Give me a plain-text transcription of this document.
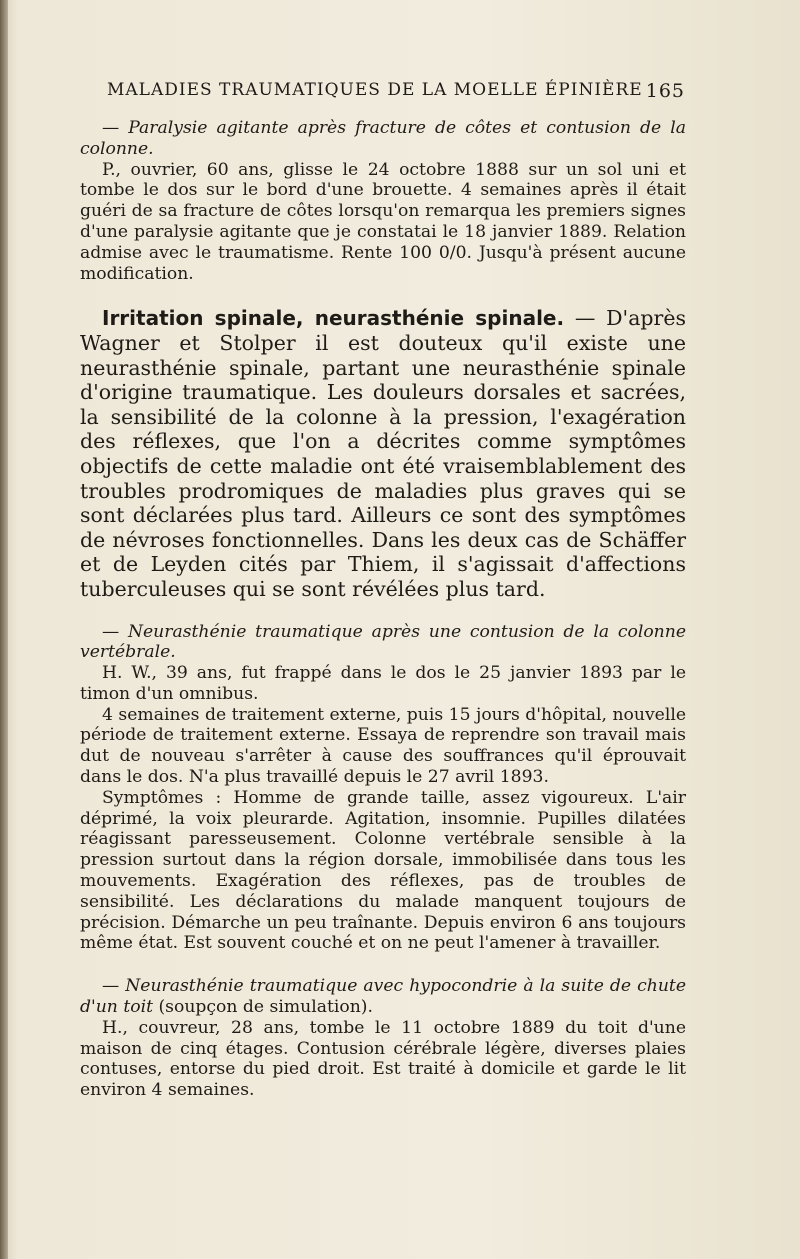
MALADIES TRAUMATIQUES DE LA MOELLE ÉPINIÈRE 165

— Paralysie agitante après fracture de côtes et contusion de la colonne.

P., ouvrier, 60 ans, glisse le 24 octobre 1888 sur un sol uni et tombe le dos sur le bord d'une brouette. 4 semaines après il était guéri de sa fracture de côtes lorsqu'on remarqua les premiers signes d'une paralysie agitante que je constatai le 18 janvier 1889. Relation admise avec le traumatisme. Rente 100 0/0. Jusqu'à présent aucune modification.

Irritation spinale, neurasthénie spinale. — D'après Wagner et Stolper il est douteux qu'il existe une neurasthénie spinale, partant une neurasthénie spinale d'origine traumatique. Les douleurs dorsales et sacrées, la sensibilité de la colonne à la pression, l'exagération des réflexes, que l'on a décrites comme symptômes objectifs de cette maladie ont été vraisemblablement des troubles prodromiques de maladies plus graves qui se sont déclarées plus tard. Ailleurs ce sont des symptômes de névroses fonctionnelles. Dans les deux cas de Schäffer et de Leyden cités par Thiem, il s'agissait d'affections tuberculeuses qui se sont révélées plus tard.

— Neurasthénie traumatique après une contusion de la colonne vertébrale.

H. W., 39 ans, fut frappé dans le dos le 25 janvier 1893 par le timon d'un omnibus.

4 semaines de traitement externe, puis 15 jours d'hôpital, nouvelle période de traitement externe. Essaya de reprendre son travail mais dut de nouveau s'arrêter à cause des souffrances qu'il éprouvait dans le dos. N'a plus travaillé depuis le 27 avril 1893.

Symptômes : Homme de grande taille, assez vigoureux. L'air déprimé, la voix pleurarde. Agitation, insomnie. Pupilles dilatées réagissant paresseusement. Colonne vertébrale sensible à la pression surtout dans la région dorsale, immobilisée dans tous les mouvements. Exagération des réflexes, pas de troubles de sensibilité. Les déclarations du malade manquent toujours de précision. Démarche un peu traînante. Depuis environ 6 ans toujours même état. Est souvent couché et on ne peut l'amener à travailler.

— Neurasthénie traumatique avec hypocondrie à la suite de chute d'un toit (soupçon de simulation).

H., couvreur, 28 ans, tombe le 11 octobre 1889 du toit d'une maison de cinq étages. Contusion cérébrale légère, diverses plaies contuses, entorse du pied droit. Est traité à domicile et garde le lit environ 4 semaines.
